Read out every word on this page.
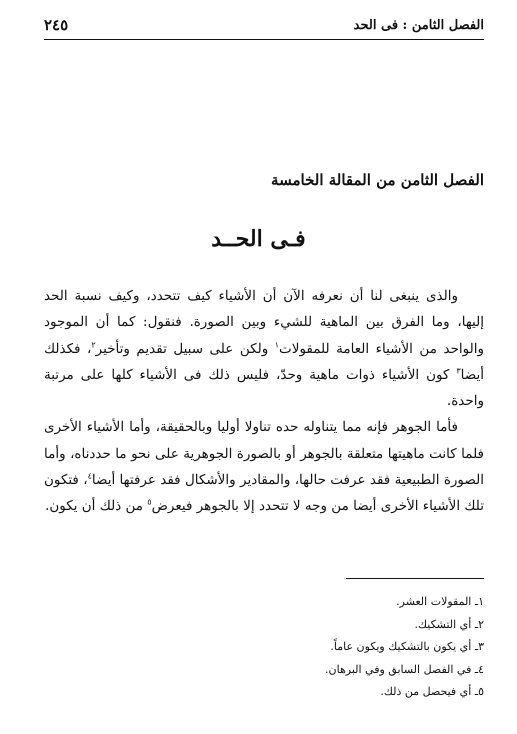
الفصل الثامن : فى الحد
٢٤٥
الفصل الثامن من المقالة الخامسة
فـى الحــد

والذى ينبغى لنا أن نعرفه الآن أن الأشياء كيف تتحدد، وكيف نسبة الحد إليها، وما الفرق بين الماهية للشيء وبين الصورة. فنقول: كما أن الموجود والواحد من الأشياء العامة للمقولات$^١$ ولكن على سبيل تقديم وتأخير$^٢$، فكذلك أيضا$^٣$ كون الأشياء ذوات ماهية وحدّ، فليس ذلك فى الأشياء كلها على مرتبة واحدة.

فأما الجوهر فإنه مما يتناوله حده تناولا أوليا وبالحقيقة، وأما الأشياء الأخرى فلما كانت ماهيتها متعلقة بالجوهر أو بالصورة الجوهرية على نحو ما حددناه، وأما الصورة الطبيعية فقد عرفت حالها، والمقادير والأشكال فقد عرفتها أيضا$^٤$، فتكون تلك الأشياء الأخرى أيضا من وجه لا تتحدد إلا بالجوهر فيعرض$^٥$ من ذلك أن يكون.

١ـ المقولات العشر.
٢ـ أي التشكيك.
٣ـ أي يكون بالتشكيك ويكون عاماً.
٤ـ في الفصل السابق وفي البرهان.
٥ـ أي فيحصل من ذلك.
